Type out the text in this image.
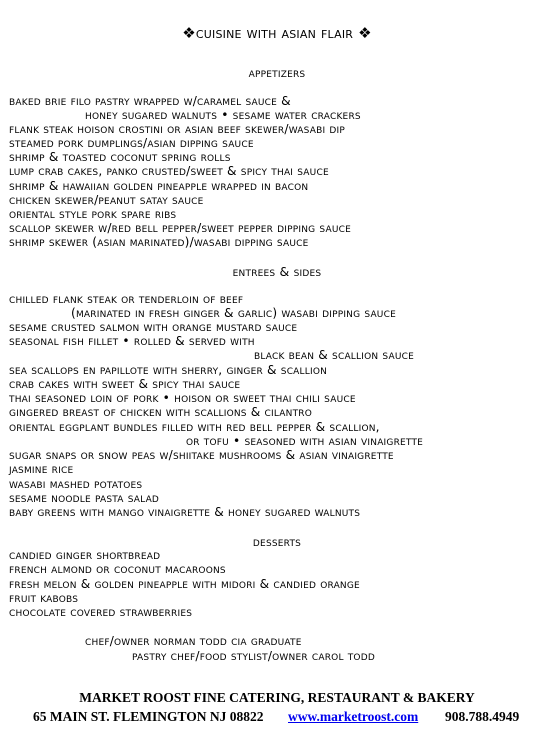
❖cuisine with asian flair ❖
appetizers
baked brie filo pastry wrapped w/caramel sauce &
honey sugared walnuts • sesame water crackers
flank steak hoison crostini or asian beef skewer/wasabi dip
steamed pork dumplings/asian dipping sauce
shrimp & toasted coconut spring rolls
lump crab cakes, panko crusted/sweet & spicy thai sauce
shrimp & hawaiian golden pineapple wrapped in bacon
chicken skewer/peanut satay sauce
oriental style pork spare ribs
scallop skewer w/red bell pepper/sweet pepper dipping sauce
shrimp skewer (asian marinated)/wasabi dipping sauce
entrees & sides
chilled flank steak or tenderloin of beef
(marinated in fresh ginger & garlic) wasabi dipping sauce
sesame crusted salmon with orange mustard sauce
seasonal fish fillet • rolled & served with
black bean & scallion sauce
sea scallops en papillote with sherry, ginger & scallion
crab cakes with sweet & spicy thai sauce
thai seasoned loin of pork • hoison or sweet thai chili sauce
gingered breast of chicken with scallions & cilantro
oriental eggplant bundles filled with red bell pepper & scallion,
or tofu • seasoned with asian vinaigrette
sugar snaps or snow peas w/shiitake mushrooms & asian vinaigrette
jasmine rice
wasabi mashed potatoes
sesame noodle pasta salad
baby greens with mango vinaigrette & honey sugared walnuts
desserts
candied ginger shortbread
french almond or coconut macaroons
fresh melon & golden pineapple with midori & candied orange
fruit kabobs
chocolate covered strawberries
chef/owner norman todd cia graduate
pastry chef/food stylist/owner carol todd
MARKET ROOST FINE CATERING, RESTAURANT & BAKERY
65 MAIN ST. FLEMINGTON NJ 08822 www.marketroost.com 908.788.4949
